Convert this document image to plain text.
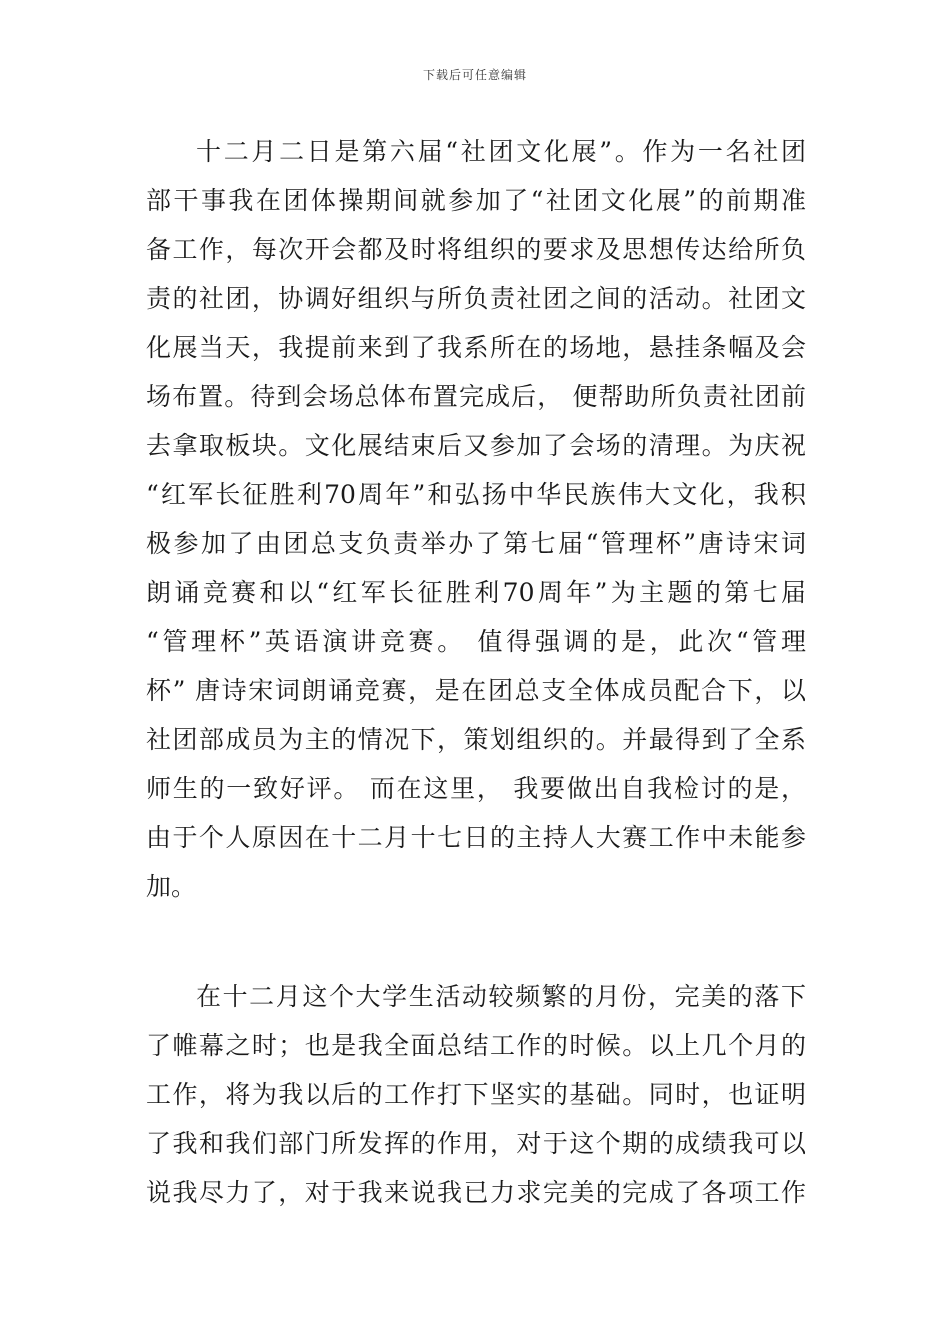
下载后可任意编辑
十二月二日是第六届“社团文化展”。作为一名社团
部干事我在团体操期间就参加了“社团文化展”的前期准
备工作，每次开会都及时将组织的要求及思想传达给所负
责的社团，协调好组织与所负责社团之间的活动。社团文
化展当天，我提前来到了我系所在的场地，悬挂条幅及会
场布置。待到会场总体布置完成后， 便帮助所负责社团前
去拿取板块。文化展结束后又参加了会场的清理。为庆祝
“红军长征胜利70周年”和弘扬中华民族伟大文化，我积
极参加了由团总支负责举办了第七届“管理杯”唐诗宋词
朗诵竞赛和以“红军长征胜利70周年”为主题的第七届
“管理杯”英语演讲竞赛。 值得强调的是，此次“管理
杯” 唐诗宋词朗诵竞赛，是在团总支全体成员配合下，以
社团部成员为主的情况下，策划组织的。并最得到了全系
师生的一致好评。 而在这里， 我要做出自我检讨的是，
由于个人原因在十二月十七日的主持人大赛工作中未能参
加。
在十二月这个大学生活动较频繁的月份，完美的落下
了帷幕之时；也是我全面总结工作的时候。以上几个月的
工作，将为我以后的工作打下坚实的基础。同时，也证明
了我和我们部门所发挥的作用，对于这个期的成绩我可以
说我尽力了，对于我来说我已力求完美的完成了各项工作
